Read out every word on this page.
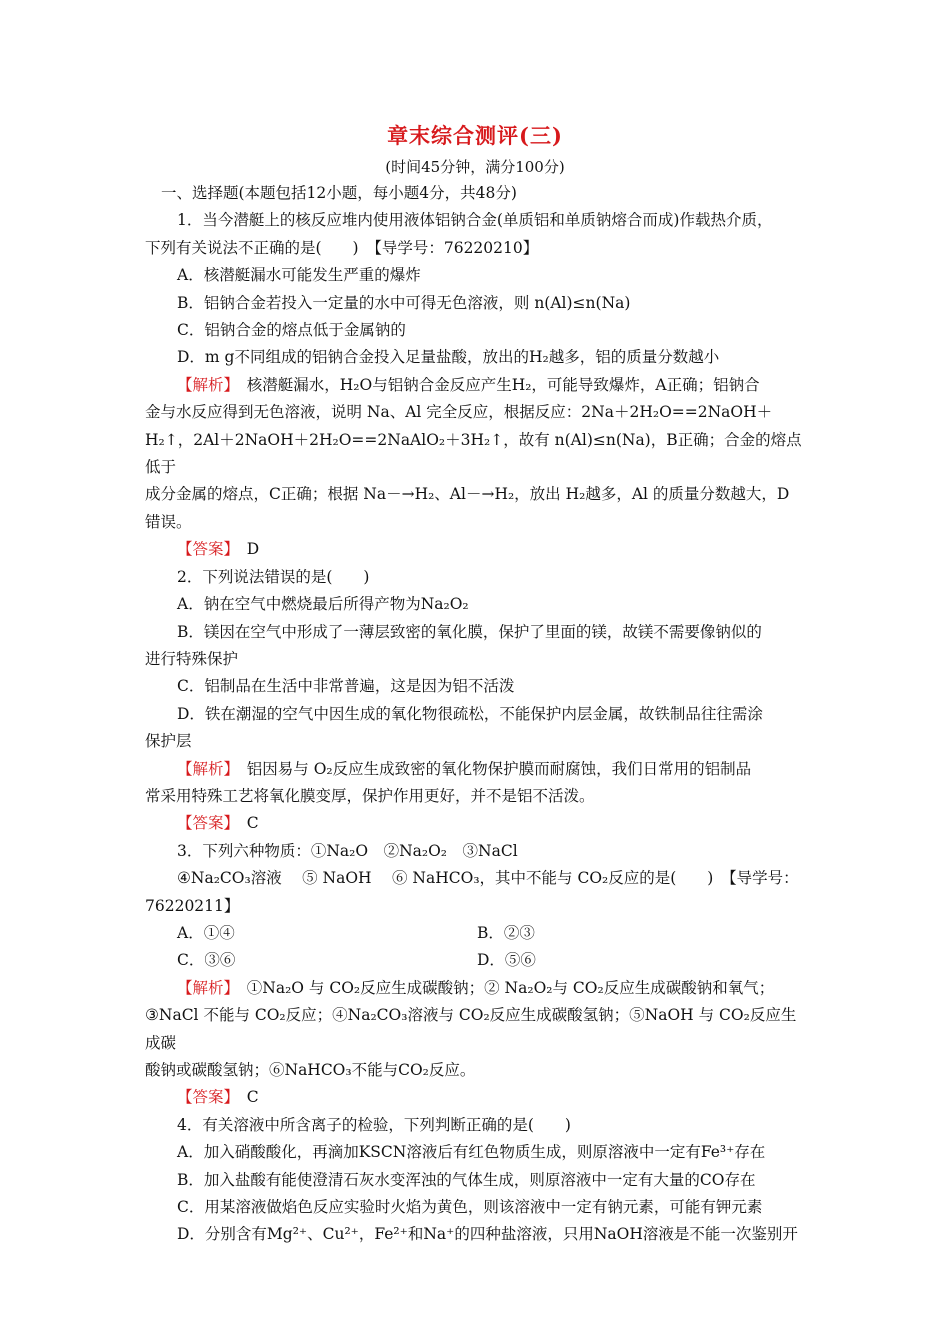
章末综合测评(三)
(时间45分钟，满分100分)

一、选择题(本题包括12小题，每小题4分，共48分)

1．当今潜艇上的核反应堆内使用液体铝钠合金(单质铝和单质钠熔合而成)作载热介质，

下列有关说法不正确的是(　　)　【导学号：76220210】

A．核潜艇漏水可能发生严重的爆炸

B．铝钠合金若投入一定量的水中可得无色溶液，则 n(Al)≤n(Na)

C．铝钠合金的熔点低于金属钠的

D．m g不同组成的铝钠合金投入足量盐酸，放出的H₂越多，铝的质量分数越小

【解析】　核潜艇漏水，H₂O与铝钠合金反应产生H₂，可能导致爆炸，A正确；铝钠合

金与水反应得到无色溶液，说明 Na、Al 完全反应，根据反应：2Na＋2H₂O==2NaOH＋

H₂↑，2Al＋2NaOH＋2H₂O==2NaAlO₂＋3H₂↑，故有 n(Al)≤n(Na)，B正确；合金的熔点低于

成分金属的熔点，C正确；根据 Na－→H₂、Al－→H₂，放出 H₂越多，Al 的质量分数越大，D

错误。

【答案】　D

2．下列说法错误的是(　　)

A．钠在空气中燃烧最后所得产物为Na₂O₂

B．镁因在空气中形成了一薄层致密的氧化膜，保护了里面的镁，故镁不需要像钠似的

进行特殊保护

C．铝制品在生活中非常普遍，这是因为铝不活泼

D．铁在潮湿的空气中因生成的氧化物很疏松，不能保护内层金属，故铁制品往往需涂

保护层

【解析】　铝因易与 O₂反应生成致密的氧化物保护膜而耐腐蚀，我们日常用的铝制品

常采用特殊工艺将氧化膜变厚，保护作用更好，并不是铝不活泼。

【答案】　C

3．下列六种物质：①Na₂O　②Na₂O₂　③NaCl

④Na₂CO₃溶液　 ⑤ NaOH　 ⑥ NaHCO₃，其中不能与 CO₂反应的是(　　)　【导学号：

76220211】

A．①④	B．②③
C．③⑥	D．⑤⑥

【解析】　①Na₂O 与 CO₂反应生成碳酸钠；② Na₂O₂与 CO₂反应生成碳酸钠和氧气；

③NaCl 不能与 CO₂反应；④Na₂CO₃溶液与 CO₂反应生成碳酸氢钠；⑤NaOH 与 CO₂反应生成碳

酸钠或碳酸氢钠；⑥NaHCO₃不能与CO₂反应。

【答案】　C

4．有关溶液中所含离子的检验，下列判断正确的是(　　)

A．加入硝酸酸化，再滴加KSCN溶液后有红色物质生成，则原溶液中一定有Fe³⁺存在

B．加入盐酸有能使澄清石灰水变浑浊的气体生成，则原溶液中一定有大量的CO存在

C．用某溶液做焰色反应实验时火焰为黄色，则该溶液中一定有钠元素，可能有钾元素

D．分别含有Mg²⁺、Cu²⁺，Fe²⁺和Na⁺的四种盐溶液，只用NaOH溶液是不能一次鉴别开
